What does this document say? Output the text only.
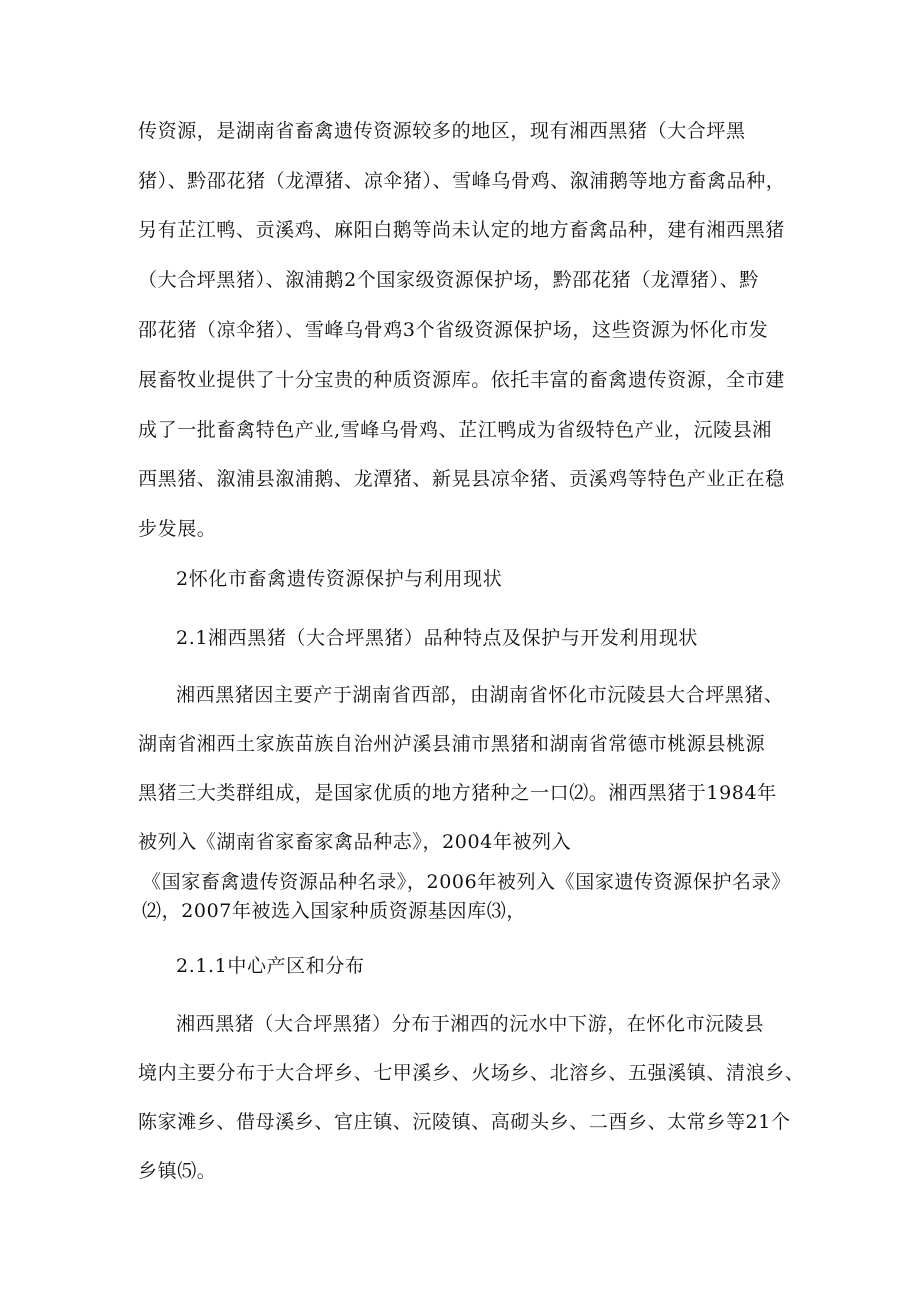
传资源，是湖南省畜禽遗传资源较多的地区，现有湘西黑猪（大合坪黑
猪）、黔邵花猪（龙潭猪、凉伞猪）、雪峰乌骨鸡、溆浦鹅等地方畜禽品种，
另有芷江鸭、贡溪鸡、麻阳白鹅等尚未认定的地方畜禽品种，建有湘西黑猪
（大合坪黑猪）、溆浦鹅2个国家级资源保护场，黔邵花猪（龙潭猪）、黔
邵花猪（凉伞猪）、雪峰乌骨鸡3个省级资源保护场，这些资源为怀化市发
展畜牧业提供了十分宝贵的种质资源库。依托丰富的畜禽遗传资源，全市建
成了一批畜禽特色产业,雪峰乌骨鸡、芷江鸭成为省级特色产业，沅陵县湘
西黑猪、溆浦县溆浦鹅、龙潭猪、新晃县凉伞猪、贡溪鸡等特色产业正在稳
步发展。
2怀化市畜禽遗传资源保护与利用现状
2.1湘西黑猪（大合坪黑猪）品种特点及保护与开发利用现状
湘西黑猪因主要产于湖南省西部，由湖南省怀化市沅陵县大合坪黑猪、
湖南省湘西土家族苗族自治州泸溪县浦市黑猪和湖南省常德市桃源县桃源
黑猪三大类群组成，是国家优质的地方猪种之一口⑵。湘西黑猪于1984年
被列入《湖南省家畜家禽品种志》，2004年被列入
《国家畜禽遗传资源品种名录》，2006年被列入《国家遗传资源保护名录》
⑵，2007年被选入国家种质资源基因库⑶，
2.1.1中心产区和分布
湘西黑猪（大合坪黑猪）分布于湘西的沅水中下游，在怀化市沅陵县
境内主要分布于大合坪乡、七甲溪乡、火场乡、北溶乡、五强溪镇、清浪乡、
陈家滩乡、借母溪乡、官庄镇、沅陵镇、高砌头乡、二酉乡、太常乡等21个
乡镇⑸。
